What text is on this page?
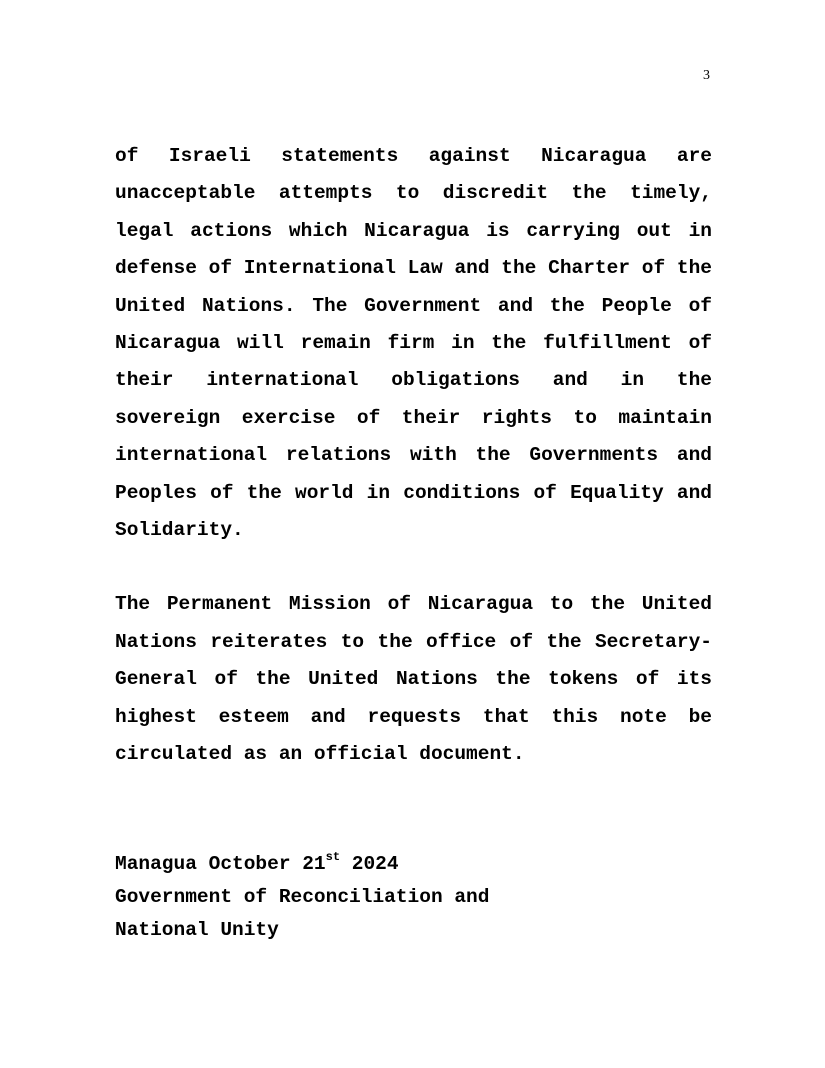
3

of Israeli statements against Nicaragua are unacceptable attempts to discredit the timely, legal actions which Nicaragua is carrying out in defense of International Law and the Charter of the United Nations. The Government and the People of Nicaragua will remain firm in the fulfillment of their international obligations and in the sovereign exercise of their rights to maintain international relations with the Governments and Peoples of the world in conditions of Equality and Solidarity.

The Permanent Mission of Nicaragua to the United Nations reiterates to the office of the Secretary-General of the United Nations the tokens of its highest esteem and requests that this note be circulated as an official document.

Managua October 21st 2024
Government of Reconciliation and
National Unity
